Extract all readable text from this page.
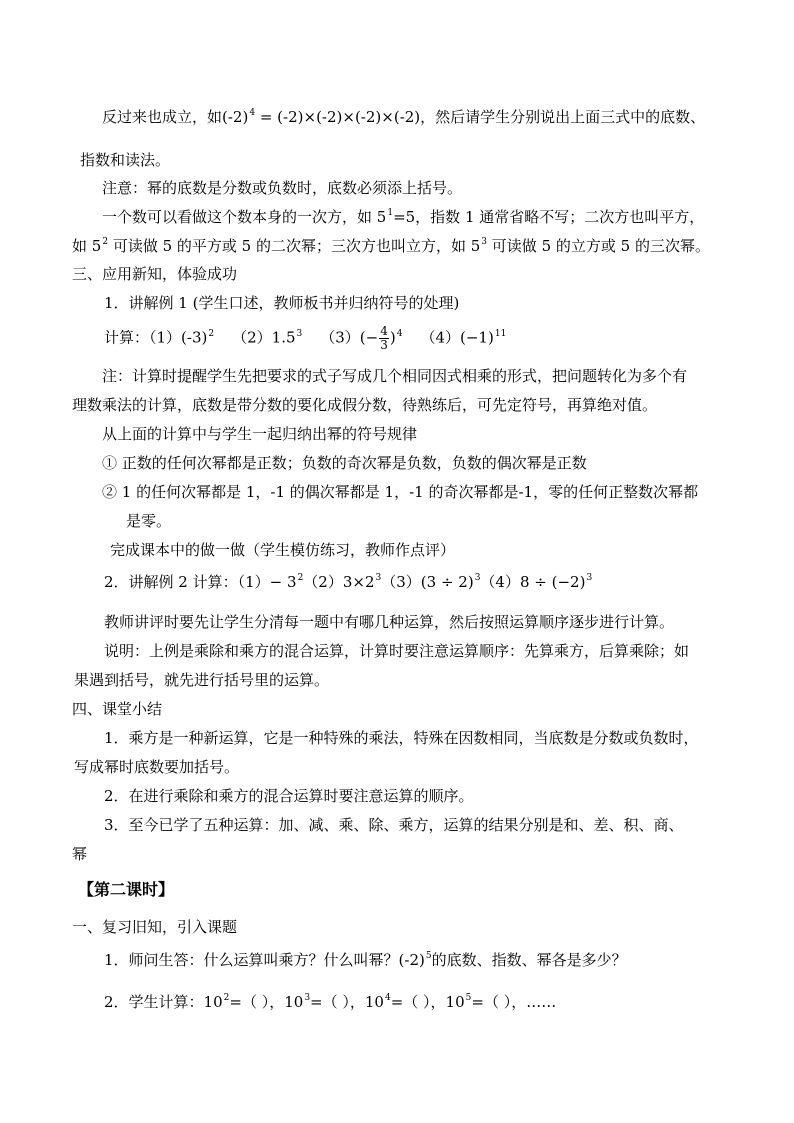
反过来也成立，如$(-2)^4 = (-2)\times(-2)\times(-2)\times(-2)$，然后请学生分别说出上面三式中的底数、
指数和读法。
注意：幂的底数是分数或负数时，底数必须添上括号。
一个数可以看做这个数本身的一次方，如 $5^1=5$，指数 1 通常省略不写；二次方也叫平方，
如 $5^2$ 可读做 5 的平方或 5 的二次幂；三次方也叫立方，如 $5^3$ 可读做 5 的立方或 5 的三次幂。
三、应用新知，体验成功
1．讲解例 1 (学生口述，教师板书并归纳符号的处理)
计算：$(1)(-3)^2$ $(2)1.5^3$ $(3)(- \frac{4}{3} )^4$ $(4)(-1)^{11}$
注：计算时提醒学生先把要求的式子写成几个相同因式相乘的形式，把问题转化为多个有
理数乘法的计算，底数是带分数的要化成假分数，待熟练后，可先定符号，再算绝对值。
从上面的计算中与学生一起归纳出幂的符号规律
① 正数的任何次幂都是正数；负数的奇次幂是负数，负数的偶次幂是正数
② 1 的任何次幂都是 1，-1 的偶次幂都是 1，-1 的奇次幂都是-1，零的任何正整数次幂都
是零。
完成课本中的做一做（学生模仿练习，教师作点评）
2．讲解例 2 计算：$(1)- 3^2(2)3\times 2^3(3)(3 \div 2)^3(4)8 \div (-2)^3$
教师讲评时要先让学生分清每一题中有哪几种运算，然后按照运算顺序逐步进行计算。
说明：上例是乘除和乘方的混合运算，计算时要注意运算顺序：先算乘方，后算乘除；如
果遇到括号，就先进行括号里的运算。
四、课堂小结
1．乘方是一种新运算，它是一种特殊的乘法，特殊在因数相同，当底数是分数或负数时，
写成幂时底数要加括号。
2．在进行乘除和乘方的混合运算时要注意运算的顺序。
3．至今已学了五种运算：加、减、乘、除、乘方，运算的结果分别是和、差、积、商、
幂
【第二课时】
一、复习旧知，引入课题
1．师问生答：什么运算叫乘方？什么叫幂？$(-2)^5$的底数、指数、幂各是多少？
2．学生计算：$10^2=$（ ），$10^3=$（ ），$10^4=$（ ），$10^5=$（ ），……
